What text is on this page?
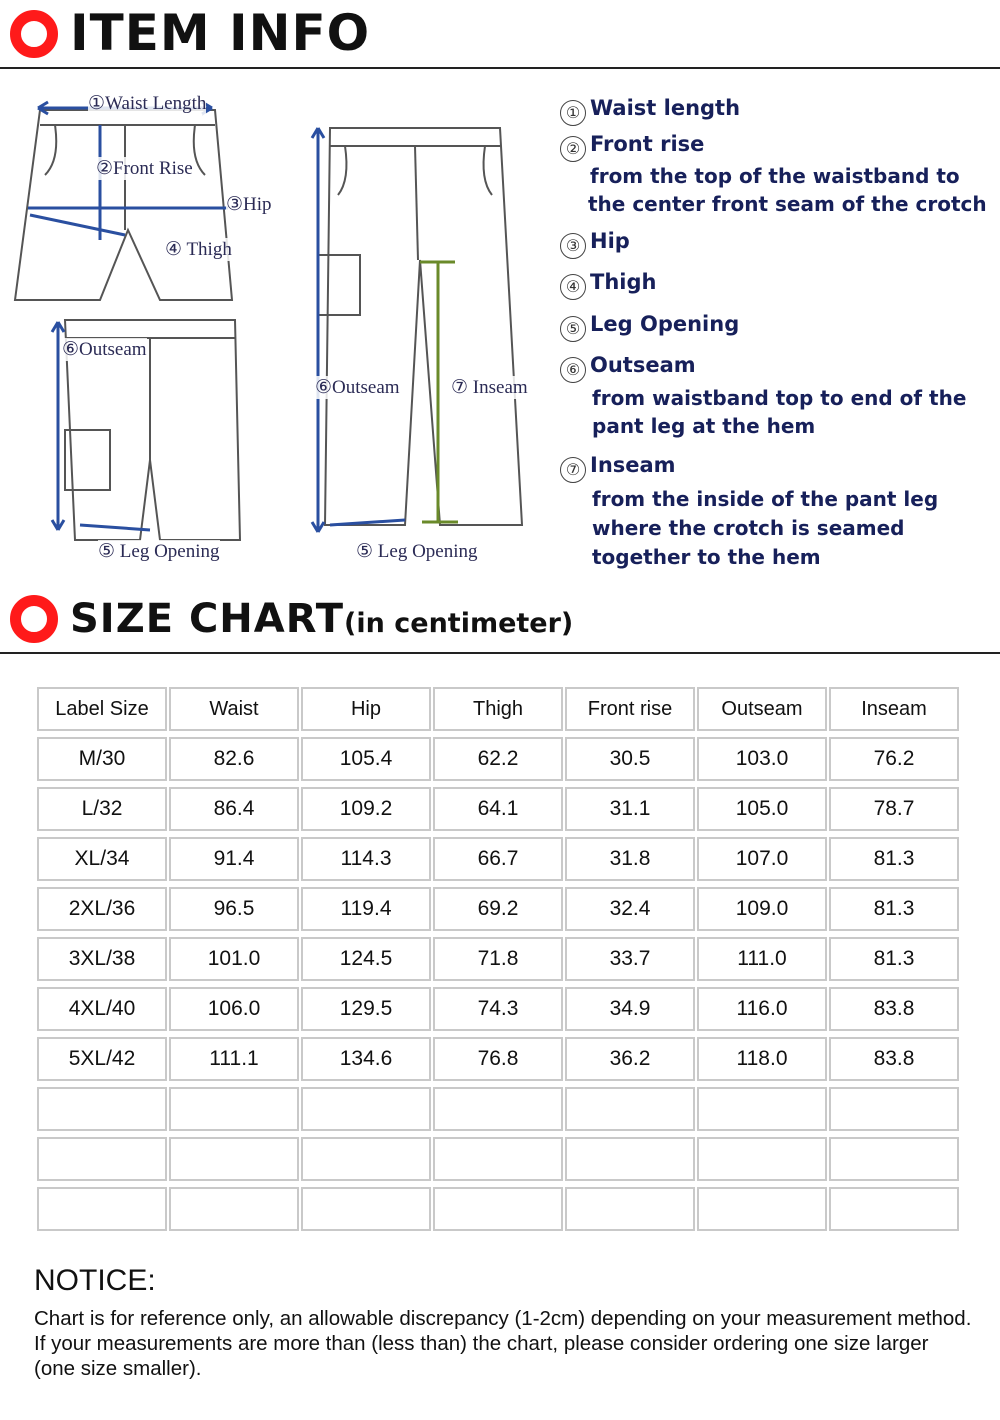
ITEM INFO
①Waist Length
②Front Rise
③Hip
④ Thigh
⑥Outseam
⑤ Leg Opening
⑥Outseam	⑦ Inseam
⑤ Leg Opening
① Waist length
② Front rise
from the top of the waistband to
the center front seam of the crotch
③ Hip
④ Thigh
⑤ Leg Opening
⑥ Outseam
from waistband top to end of the
pant leg at the hem
⑦ Inseam
from the inside of the pant leg
where the crotch is seamed
together to the hem
SIZE CHART(in centimeter)
Label Size	Waist	Hip	Thigh	Front rise	Outseam	Inseam
M/30	82.6	105.4	62.2	30.5	103.0	76.2
L/32	86.4	109.2	64.1	31.1	105.0	78.7
XL/34	91.4	114.3	66.7	31.8	107.0	81.3
2XL/36	96.5	119.4	69.2	32.4	109.0	81.3
3XL/38	101.0	124.5	71.8	33.7	111.0	81.3
4XL/40	106.0	129.5	74.3	34.9	116.0	83.8
5XL/42	111.1	134.6	76.8	36.2	118.0	83.8
NOTICE:
Chart is for reference only, an allowable discrepancy (1-2cm) depending on your measurement method. If your measurements are more than (less than) the chart, please consider ordering one size larger (one size smaller).
